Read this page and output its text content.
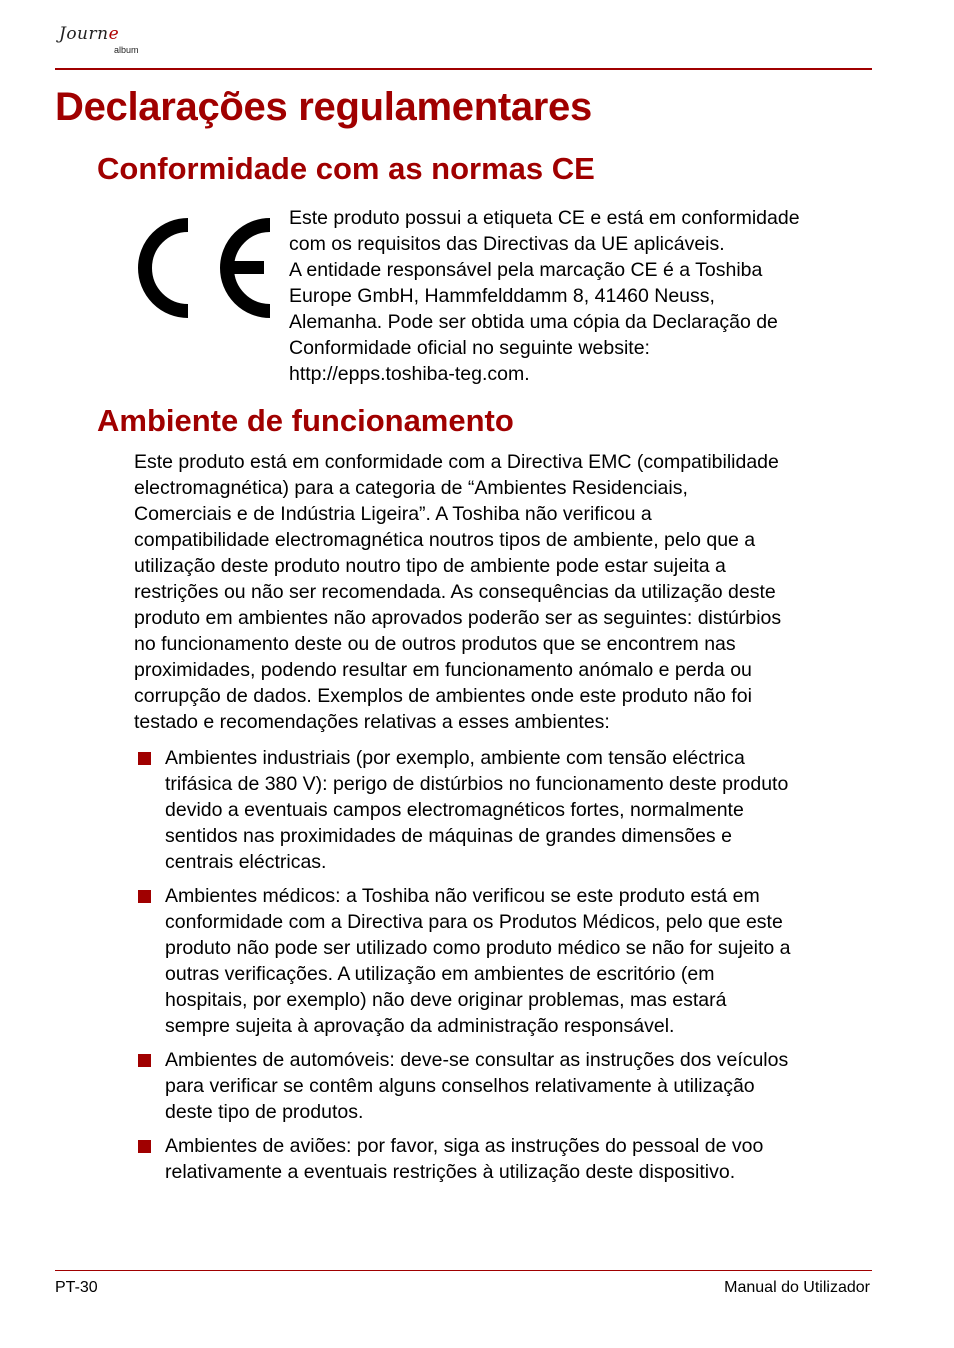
Journe
album
Declarações regulamentares
Conformidade com as normas CE
Este produto possui a etiqueta CE e está em conformidade
com os requisitos das Directivas da UE aplicáveis.
A entidade responsável pela marcação CE é a Toshiba
Europe GmbH, Hammfelddamm 8, 41460 Neuss,
Alemanha. Pode ser obtida uma cópia da Declaração de
Conformidade oficial no seguinte website:
http://epps.toshiba-teg.com.
Ambiente de funcionamento
Este produto está em conformidade com a Directiva EMC (compatibilidade
electromagnética) para a categoria de “Ambientes Residenciais,
Comerciais e de Indústria Ligeira”. A Toshiba não verificou a
compatibilidade electromagnética noutros tipos de ambiente, pelo que a
utilização deste produto noutro tipo de ambiente pode estar sujeita a
restrições ou não ser recomendada. As consequências da utilização deste
produto em ambientes não aprovados poderão ser as seguintes: distúrbios
no funcionamento deste ou de outros produtos que se encontrem nas
proximidades, podendo resultar em funcionamento anómalo e perda ou
corrupção de dados. Exemplos de ambientes onde este produto não foi
testado e recomendações relativas a esses ambientes:
Ambientes industriais (por exemplo, ambiente com tensão eléctrica
trifásica de 380 V): perigo de distúrbios no funcionamento deste produto
devido a eventuais campos electromagnéticos fortes, normalmente
sentidos nas proximidades de máquinas de grandes dimensões e
centrais eléctricas.
Ambientes médicos: a Toshiba não verificou se este produto está em
conformidade com a Directiva para os Produtos Médicos, pelo que este
produto não pode ser utilizado como produto médico se não for sujeito a
outras verificações. A utilização em ambientes de escritório (em
hospitais, por exemplo) não deve originar problemas, mas estará
sempre sujeita à aprovação da administração responsável.
Ambientes de automóveis: deve-se consultar as instruções dos veículos
para verificar se contêm alguns conselhos relativamente à utilização
deste tipo de produtos.
Ambientes de aviões: por favor, siga as instruções do pessoal de voo
relativamente a eventuais restrições à utilização deste dispositivo.
PT-30	Manual do Utilizador
